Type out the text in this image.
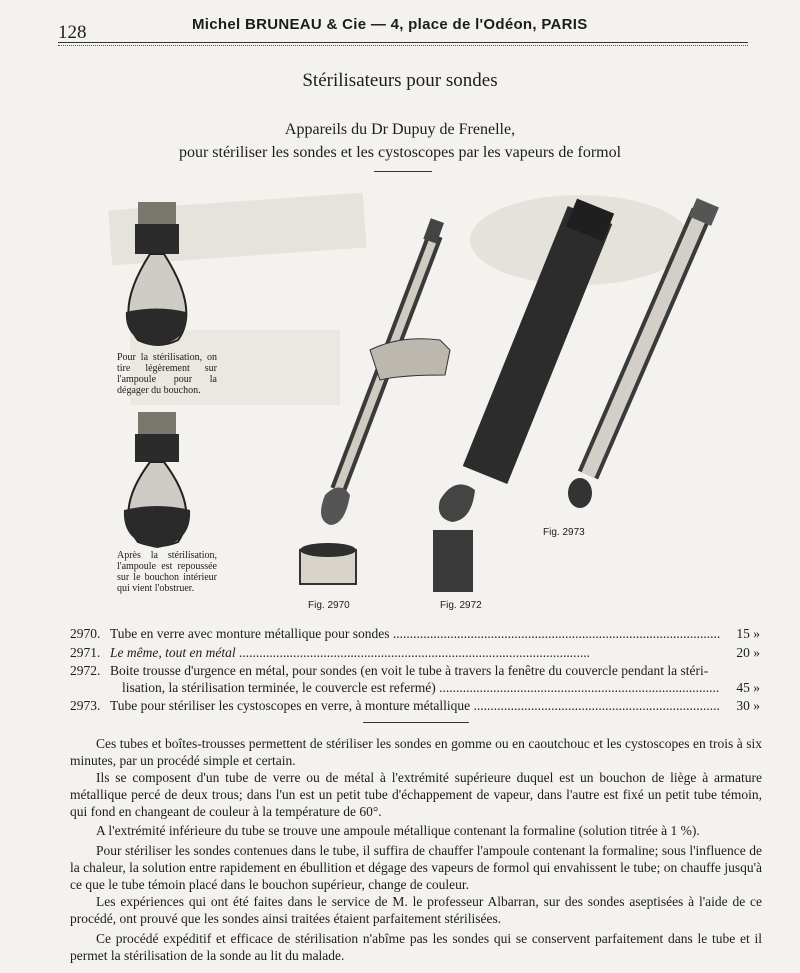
128	Michel BRUNEAU & Cie — 4, place de l'Odéon, PARIS
Stérilisateurs pour sondes
Appareils du Dr Dupuy de Frenelle,
pour stériliser les sondes et les cystoscopes par les vapeurs de formol
Pour la stérilisation, on tire légèrement sur l'ampoule pour la dégager du bouchon.
Après la stérilisation, l'ampoule est repoussée sur le bouchon intérieur qui vient l'obstruer.
Fig. 2970	Fig. 2972
Fig. 2973
2970. Tube en verre avec monture métallique pour sondes .....	15 »
2971. Le même, tout en métal .....	20 »
2972. Boite trousse d'urgence en métal, pour sondes (en voit le tube à travers la fenêtre du couvercle pendant la stéri-
lisation, la stérilisation terminée, le couvercle est refermé) .....	45 »
2973. Tube pour stériliser les cystoscopes en verre, à monture métallique .....	30 »

Ces tubes et boîtes-trousses permettent de stériliser les sondes en gomme ou en caoutchouc et les cystoscopes en trois à six minutes, par un procédé simple et certain.

Ils se composent d'un tube de verre ou de métal à l'extrémité supérieure duquel est un bouchon de liège à armature métallique percé de deux trous; dans l'un est un petit tube d'échappement de vapeur, dans l'autre est fixé un petit tube témoin, qui fond en changeant de couleur à la température de 60°.

A l'extrémité inférieure du tube se trouve une ampoule métallique contenant la formaline (solution titrée à 1 %).

Pour stériliser les sondes contenues dans le tube, il suffira de chauffer l'ampoule contenant la formaline; sous l'influence de la chaleur, la solution entre rapidement en ébullition et dégage des vapeurs de formol qui envahissent le tube; on chauffe jusqu'à ce que le tube témoin placé dans le bouchon supérieur, change de couleur.

Les expériences qui ont été faites dans le service de M. le professeur Albarran, sur des sondes aseptisées à l'aide de ce procédé, ont prouvé que les sondes ainsi traitées étaient parfaitement stérilisées.

Ce procédé expéditif et efficace de stérilisation n'abîme pas les sondes qui se conservent parfaitement dans le tube et il permet la stérilisation de la sonde au lit du malade.
